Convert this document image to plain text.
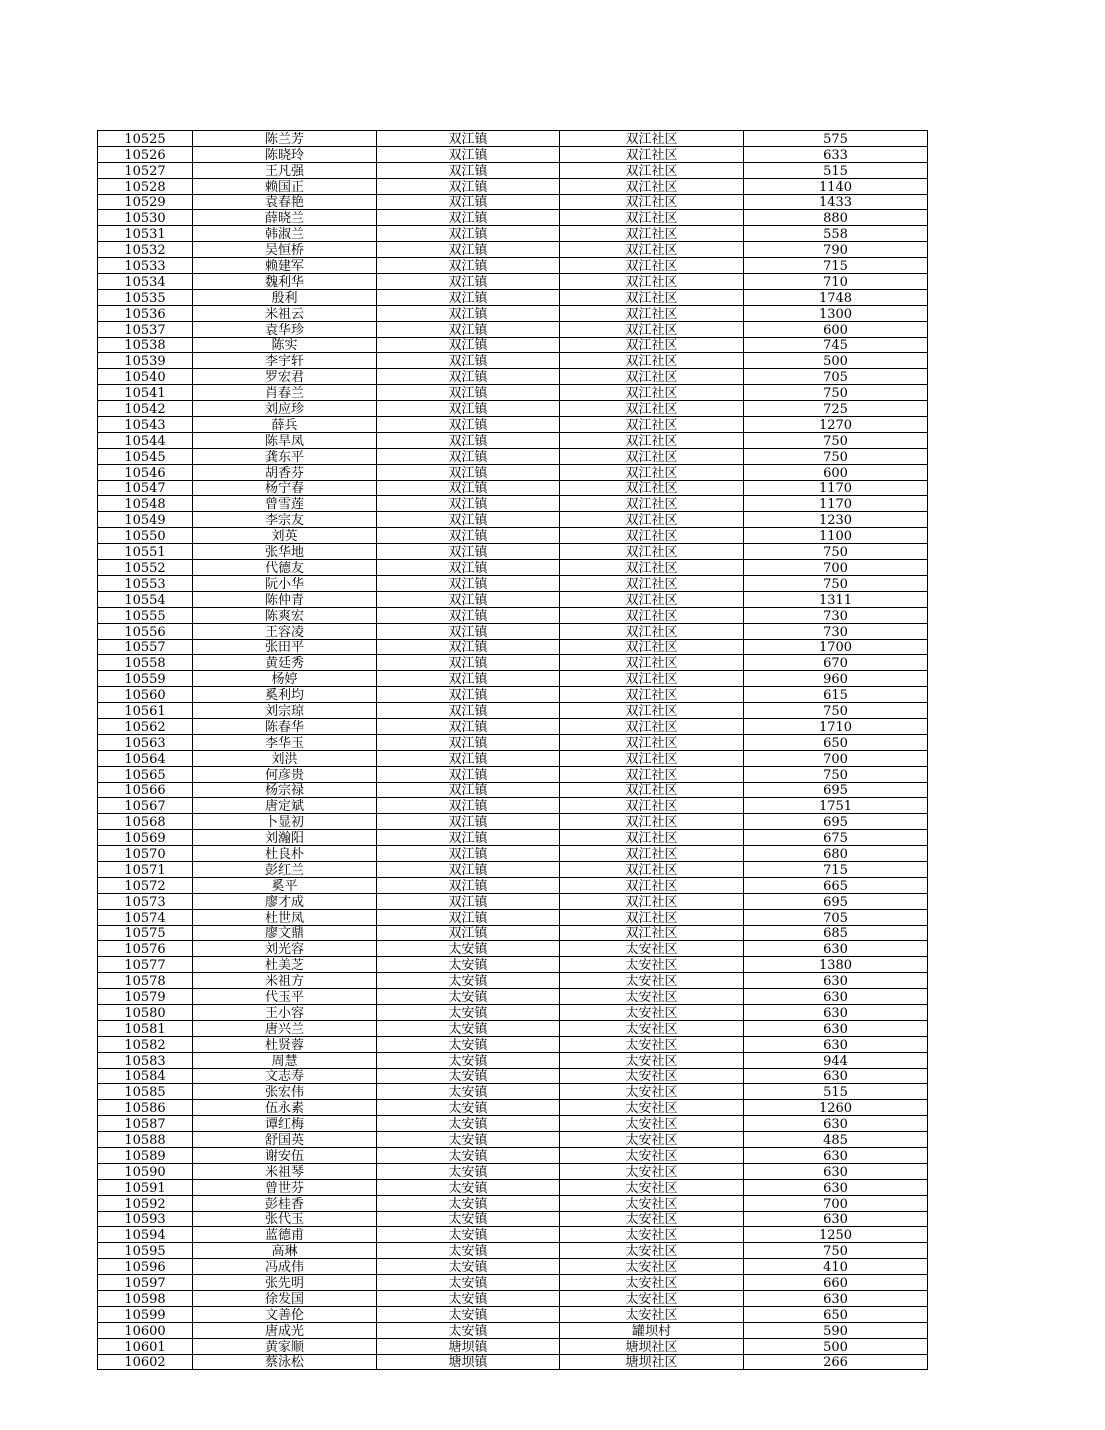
10525	陈兰芳	双江镇	双江社区	575
10526	陈晓玲	双江镇	双江社区	633
10527	王凡强	双江镇	双江社区	515
10528	赖国正	双江镇	双江社区	1140
10529	袁春艳	双江镇	双江社区	1433
10530	薛晓兰	双江镇	双江社区	880
10531	韩淑兰	双江镇	双江社区	558
10532	吴恒桥	双江镇	双江社区	790
10533	赖建军	双江镇	双江社区	715
10534	魏利华	双江镇	双江社区	710
10535	殷利	双江镇	双江社区	1748
10536	米祖云	双江镇	双江社区	1300
10537	袁华珍	双江镇	双江社区	600
10538	陈实	双江镇	双江社区	745
10539	李宇轩	双江镇	双江社区	500
10540	罗宏君	双江镇	双江社区	705
10541	肖春兰	双江镇	双江社区	750
10542	刘应珍	双江镇	双江社区	725
10543	薛兵	双江镇	双江社区	1270
10544	陈旱凤	双江镇	双江社区	750
10545	龚东平	双江镇	双江社区	750
10546	胡香芬	双江镇	双江社区	600
10547	杨宁春	双江镇	双江社区	1170
10548	曾雪莲	双江镇	双江社区	1170
10549	李宗友	双江镇	双江社区	1230
10550	刘英	双江镇	双江社区	1100
10551	张华地	双江镇	双江社区	750
10552	代德友	双江镇	双江社区	700
10553	阮小华	双江镇	双江社区	750
10554	陈仲青	双江镇	双江社区	1311
10555	陈爽宏	双江镇	双江社区	730
10556	王容凌	双江镇	双江社区	730
10557	张田平	双江镇	双江社区	1700
10558	黄廷秀	双江镇	双江社区	670
10559	杨婷	双江镇	双江社区	960
10560	奚利均	双江镇	双江社区	615
10561	刘宗琼	双江镇	双江社区	750
10562	陈春华	双江镇	双江社区	1710
10563	李华玉	双江镇	双江社区	650
10564	刘洪	双江镇	双江社区	700
10565	何彦贵	双江镇	双江社区	750
10566	杨宗禄	双江镇	双江社区	695
10567	唐定斌	双江镇	双江社区	1751
10568	卜显初	双江镇	双江社区	695
10569	刘瀚阳	双江镇	双江社区	675
10570	杜良朴	双江镇	双江社区	680
10571	彭红兰	双江镇	双江社区	715
10572	奚平	双江镇	双江社区	665
10573	廖才成	双江镇	双江社区	695
10574	杜世凤	双江镇	双江社区	705
10575	廖文鼎	双江镇	双江社区	685
10576	刘光容	太安镇	太安社区	630
10577	杜美芝	太安镇	太安社区	1380
10578	米祖方	太安镇	太安社区	630
10579	代玉平	太安镇	太安社区	630
10580	王小容	太安镇	太安社区	630
10581	唐兴兰	太安镇	太安社区	630
10582	杜贤蓉	太安镇	太安社区	630
10583	周慧	太安镇	太安社区	944
10584	文志寿	太安镇	太安社区	630
10585	张宏伟	太安镇	太安社区	515
10586	伍永素	太安镇	太安社区	1260
10587	谭红梅	太安镇	太安社区	630
10588	舒国英	太安镇	太安社区	485
10589	谢安伍	太安镇	太安社区	630
10590	米祖琴	太安镇	太安社区	630
10591	曾世芬	太安镇	太安社区	630
10592	彭桂香	太安镇	太安社区	700
10593	张代玉	太安镇	太安社区	630
10594	蓝德甫	太安镇	太安社区	1250
10595	高琳	太安镇	太安社区	750
10596	冯成伟	太安镇	太安社区	410
10597	张先明	太安镇	太安社区	660
10598	徐发国	太安镇	太安社区	630
10599	文善伦	太安镇	太安社区	650
10600	唐成光	太安镇	罐坝村	590
10601	黄家顺	塘坝镇	塘坝社区	500
10602	蔡泳松	塘坝镇	塘坝社区	266
